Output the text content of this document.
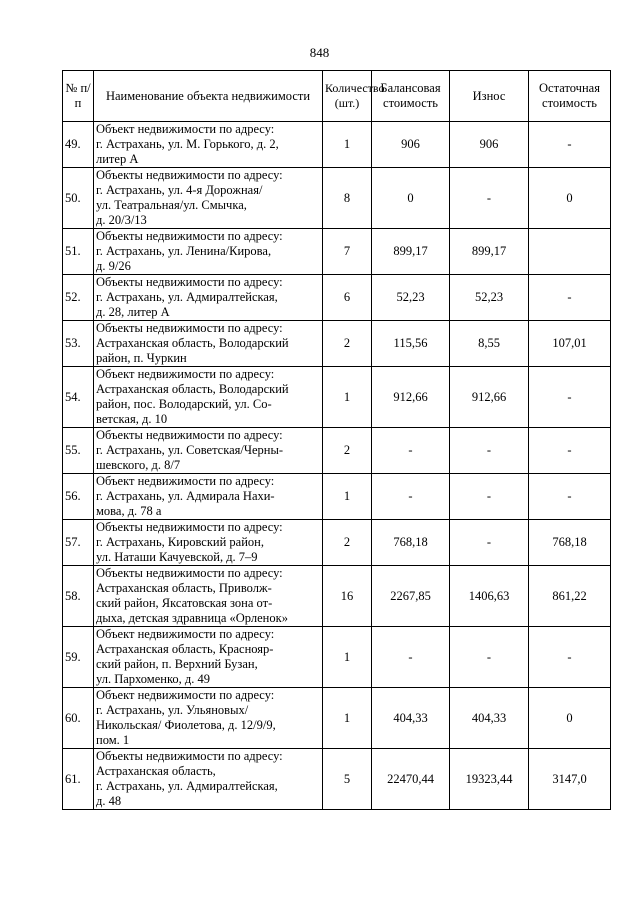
848
№ п/п	Наименование объекта недвижимости	Количество (шт.)	Балансовая стоимость	Износ	Остаточная стоимость
49.	Объект недвижимости по адресу:
г. Астрахань, ул. М. Горького, д. 2,
литер А	1	906	906	-
50.	Объекты недвижимости по адресу:
г. Астрахань, ул. 4-я Дорожная/
ул. Театральная/ул. Смычка,
д. 20/3/13	8	0	-	0
51.	Объекты недвижимости по адресу:
г. Астрахань, ул. Ленина/Кирова,
д. 9/26	7	899,17	899,17	
52.	Объекты недвижимости по адресу:
г. Астрахань, ул. Адмиралтейская,
д. 28, литер А	6	52,23	52,23	-
53.	Объекты недвижимости по адресу:
Астраханская область, Володарский
район, п. Чуркин	2	115,56	8,55	107,01
54.	Объект недвижимости по адресу:
Астраханская область, Володарский
район, пос. Володарский, ул. Со-
ветская, д. 10	1	912,66	912,66	-
55.	Объекты недвижимости по адресу:
г. Астрахань, ул. Советская/Черны-
шевского, д. 8/7	2	-	-	-
56.	Объект недвижимости по адресу:
г. Астрахань, ул. Адмирала Нахи-
мова, д. 78 а	1	-	-	-
57.	Объекты недвижимости по адресу:
г. Астрахань, Кировский район,
ул. Наташи Качуевской, д. 7–9	2	768,18	-	768,18
58.	Объекты недвижимости по адресу:
Астраханская область, Приволж-
ский район, Яксатовская зона от-
дыха, детская здравница «Орленок»	16	2267,85	1406,63	861,22
59.	Объект недвижимости по адресу:
Астраханская область, Краснояр-
ский район, п. Верхний Бузан,
ул. Пархоменко, д. 49	1	-	-	-
60.	Объект недвижимости по адресу:
г. Астрахань, ул. Ульяновых/
Никольская/ Фиолетова, д. 12/9/9,
пом. 1	1	404,33	404,33	0
61.	Объекты недвижимости по адресу:
Астраханская область,
г. Астрахань, ул. Адмиралтейская,
д. 48	5	22470,44	19323,44	3147,0
